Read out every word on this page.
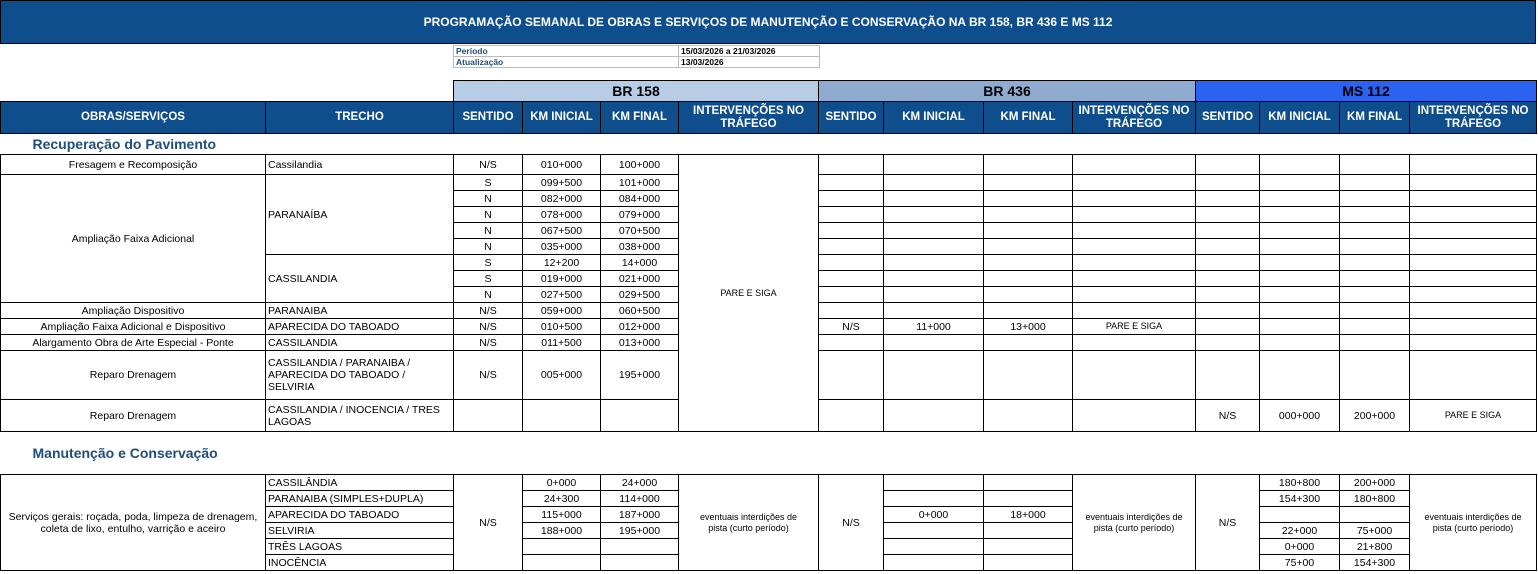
PROGRAMAÇÃO SEMANAL DE OBRAS E SERVIÇOS DE MANUTENÇÃO E CONSERVAÇÃO NA BR 158, BR 436 E MS 112
Período	15/03/2026 a 21/03/2026
Atualização	13/03/2026
		BR 158				BR 436				MS 112			
OBRAS/SERVIÇOS	TRECHO	SENTIDO	KM INICIAL	KM FINAL	INTERVENÇÕES NO TRÁFEGO	SENTIDO	KM INICIAL	KM FINAL	INTERVENÇÕES NO TRÁFEGO	SENTIDO	KM INICIAL	KM FINAL	INTERVENÇÕES NO TRÁFEGO
Recuperação do Pavimento													
Fresagem e Recomposição	Cassilandia	N/S	010+000	100+000	PARE E SIGA								
Ampliação Faixa Adicional	PARANAÍBA	S	099+500	101+000									
		N	082+000	084+000									
		N	078+000	079+000									
		N	067+500	070+500									
		N	035+000	038+000									
	CASSILANDIA	S	12+200	14+000									
		S	019+000	021+000									
		N	027+500	029+500									
Ampliação Dispositivo	PARANAIBA	N/S	059+000	060+500									
Ampliação Faixa Adicional e Dispositivo	APARECIDA DO TABOADO	N/S	010+500	012+000		N/S	11+000	13+000	PARE E SIGA				
Alargamento Obra de Arte Especial - Ponte	CASSILANDIA	N/S	011+500	013+000									
Reparo Drenagem	CASSILANDIA / PARANAIBA / APARECIDA DO TABOADO / SELVIRIA	N/S	005+000	195+000									
Reparo Drenagem	CASSILANDIA / INOCENCIA / TRES LAGOAS									N/S	000+000	200+000	PARE E SIGA
Manutenção e Conservação													
Serviços gerais: roçada, poda, limpeza de drenagem, coleta de lixo, entulho, varrição e aceiro	CASSILÂNDIA	N/S	0+000	24+000	eventuais interdições de pista (curto período)	N/S			eventuais interdições de pista (curto período)	N/S	180+800	200+000	eventuais interdições de pista (curto período)
	PARANAIBA (SIMPLES+DUPLA)		24+300	114+000							154+300	180+800	
	APARECIDA DO TABOADO		115+000	187+000			0+000	18+000					
	SELVIRIA		188+000	195+000							22+000	75+000	
	TRÊS LAGOAS										0+000	21+800	
	INOCÊNCIA										75+00	154+300	
